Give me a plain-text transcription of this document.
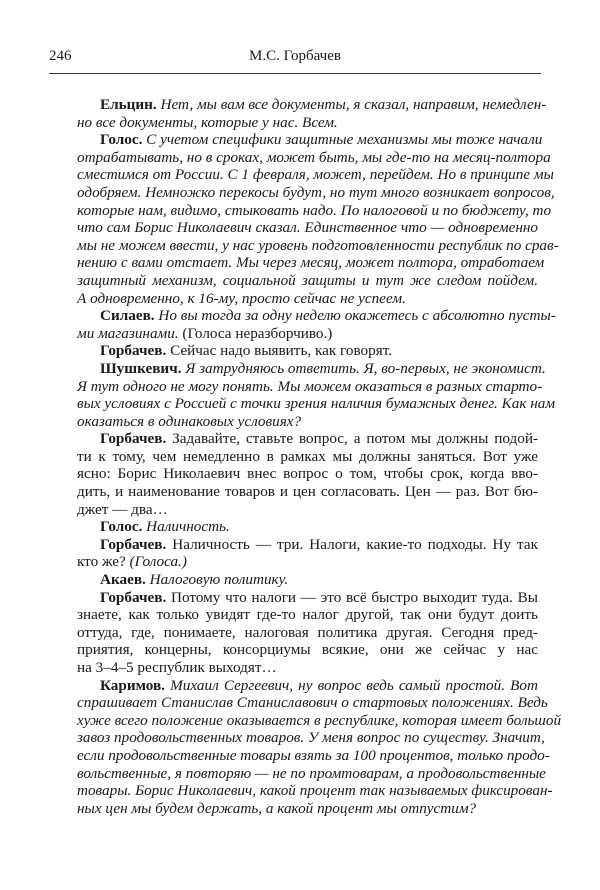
246	М.С. Горбачев
Ельцин. Нет, мы вам все документы, я сказал, направим, немедлен-
но все документы, которые у нас. Всем.
Голос. С учетом специфики защитные механизмы мы тоже начали
отрабатывать, но в сроках, может быть, мы где-то на месяц-полтора
сместимся от России. С 1 февраля, может, перейдем. Но в принципе мы
одобряем. Немножко перекосы будут, но тут много возникает вопросов,
которые нам, видимо, стыковать надо. По налоговой и по бюджету, то
что сам Борис Николаевич сказал. Единственное что — одновременно
мы не можем ввести, у нас уровень подготовленности республик по срав-
нению с вами отстает. Мы через месяц, может полтора, отработаем
защитный механизм, социальной защиты и тут же следом пойдем.
А одновременно, к 16-му, просто сейчас не успеем.
Силаев. Но вы тогда за одну неделю окажетесь с абсолютно пусты-
ми магазинами. (Голоса неразборчиво.)
Горбачев. Сейчас надо выявить, как говорят.
Шушкевич. Я затрудняюсь ответить. Я, во-первых, не экономист.
Я тут одного не могу понять. Мы можем оказаться в разных старто-
вых условиях с Россией с точки зрения наличия бумажных денег. Как нам
оказаться в одинаковых условиях?
Горбачев. Задавайте, ставьте вопрос, а потом мы должны подой-
ти к тому, чем немедленно в рамках мы должны заняться. Вот уже
ясно: Борис Николаевич внес вопрос о том, чтобы срок, когда вво-
дить, и наименование товаров и цен согласовать. Цен — раз. Вот бю-
джет — два…
Голос. Наличность.
Горбачев. Наличность — три. Налоги, какие-то подходы. Ну так
кто же? (Голоса.)
Акаев. Налоговую политику.
Горбачев. Потому что налоги — это всё быстро выходит туда. Вы
знаете, как только увидят где-то налог другой, так они будут доить
оттуда, где, понимаете, налоговая политика другая. Сегодня пред-
приятия, концерны, консорциумы всякие, они же сейчас у нас
на 3–4–5 республик выходят…
Каримов. Михаил Сергеевич, ну вопрос ведь самый простой. Вот
спрашивает Станислав Станиславович о стартовых положениях. Ведь
хуже всего положение оказывается в республике, которая имеет большой
завоз продовольственных товаров. У меня вопрос по существу. Значит,
если продовольственные товары взять за 100 процентов, только продо-
вольственные, я повторяю — не по промтоварам, а продовольственные
товары. Борис Николаевич, какой процент так называемых фиксирован-
ных цен мы будем держать, а какой процент мы отпустим?
